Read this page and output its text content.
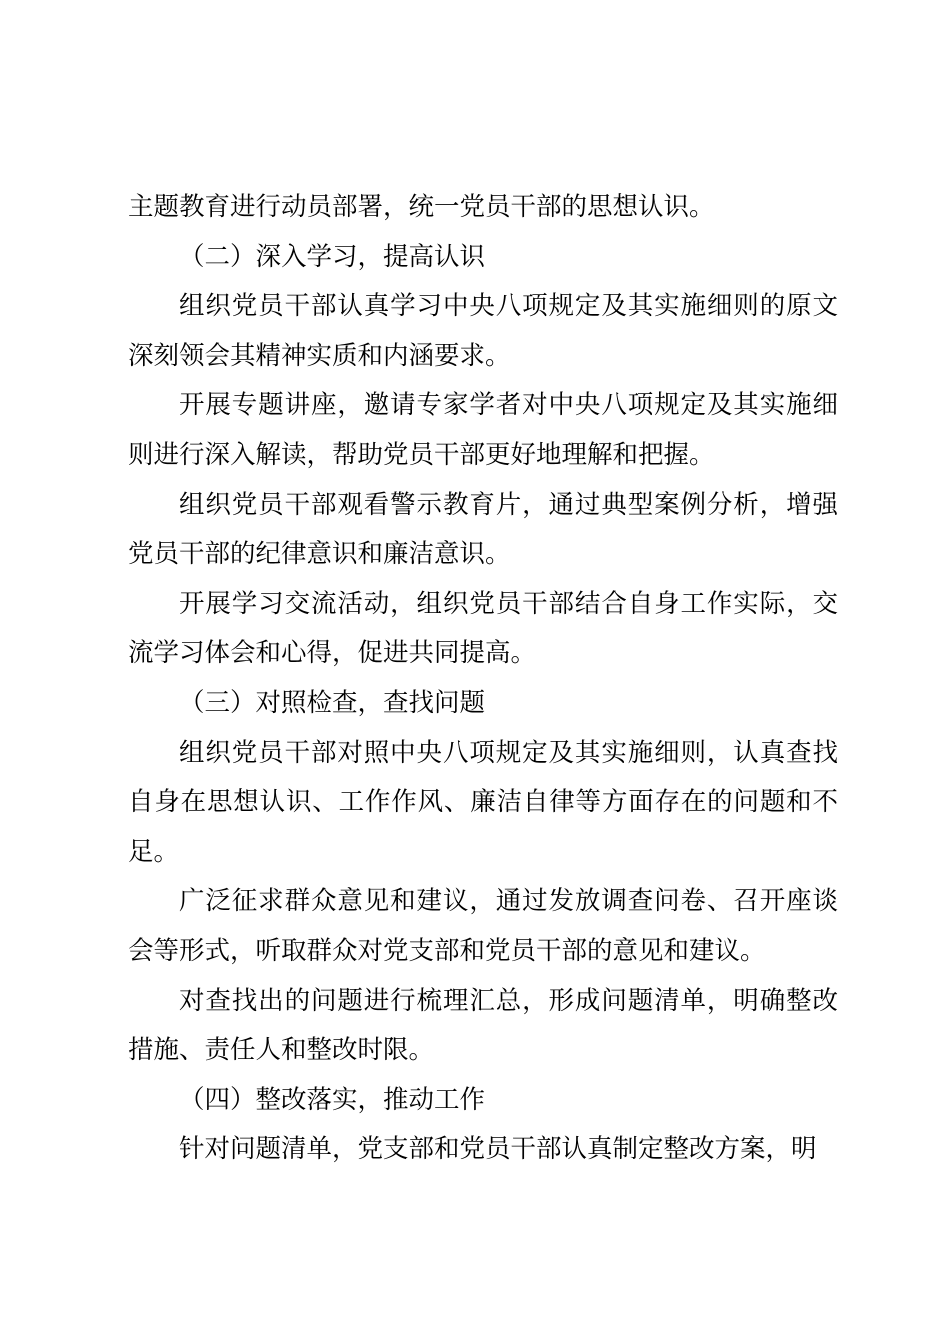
主题教育进行动员部署，统一党员干部的思想认识。

（二）深入学习，提高认识

组织党员干部认真学习中央八项规定及其实施细则的原文深刻领会其精神实质和内涵要求。

开展专题讲座，邀请专家学者对中央八项规定及其实施细则进行深入解读，帮助党员干部更好地理解和把握。

组织党员干部观看警示教育片，通过典型案例分析，增强党员干部的纪律意识和廉洁意识。

开展学习交流活动，组织党员干部结合自身工作实际，交流学习体会和心得，促进共同提高。

（三）对照检查，查找问题

组织党员干部对照中央八项规定及其实施细则，认真查找自身在思想认识、工作作风、廉洁自律等方面存在的问题和不足。

广泛征求群众意见和建议，通过发放调查问卷、召开座谈会等形式，听取群众对党支部和党员干部的意见和建议。

对查找出的问题进行梳理汇总，形成问题清单，明确整改措施、责任人和整改时限。

（四）整改落实，推动工作

针对问题清单，党支部和党员干部认真制定整改方案，明
